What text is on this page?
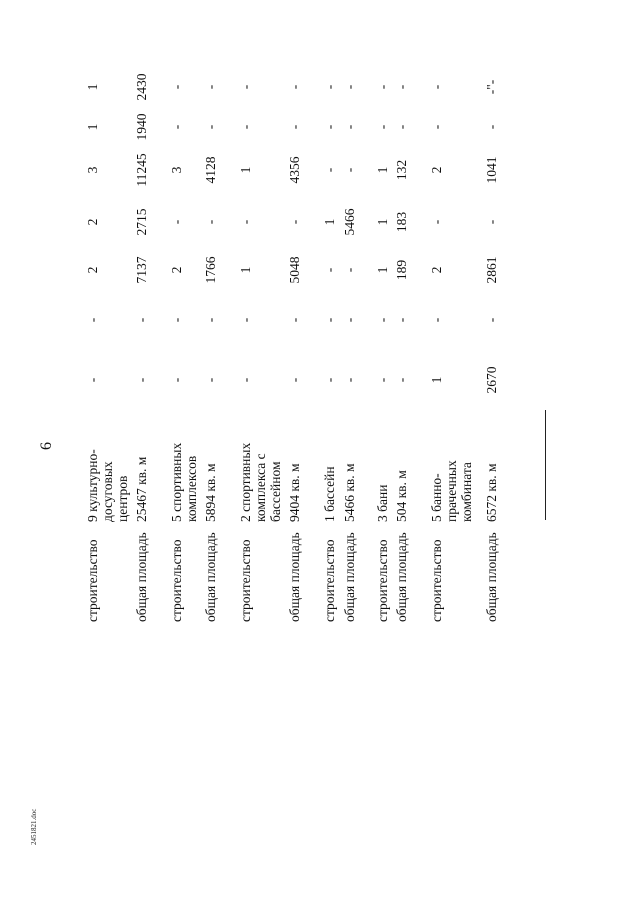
6
2451821.doc
строительство
9 культурно- досуговых центров
-
-
2
2
3
1
1
общая площадь
25467 кв. м
-
-
7137
2715
11245
1940
2430
строительство
5 спортивных комплексов
-
-
2
-
3
-
-
общая площадь
5894 кв. м
-
-
1766
-
4128
-
-
строительство
2 спортивных комплекса с бассейном
-
-
1
-
1
-
-
общая площадь
9404 кв. м
-
-
5048
-
4356
-
-
строительство
1 бассейн
-
-
-
1
-
-
-
общая площадь
5466 кв. м
-
-
-
5466
-
-
-
строительство
3 бани
-
-
1
1
1
-
-
общая площадь
504 кв. м
-
-
189
183
132
-
-
строительство
5 банно- прачечных комбината
1
-
2
-
2
-
-
общая площадь
6572 кв. м
2670
-
2861
-
1041
-
-"-
